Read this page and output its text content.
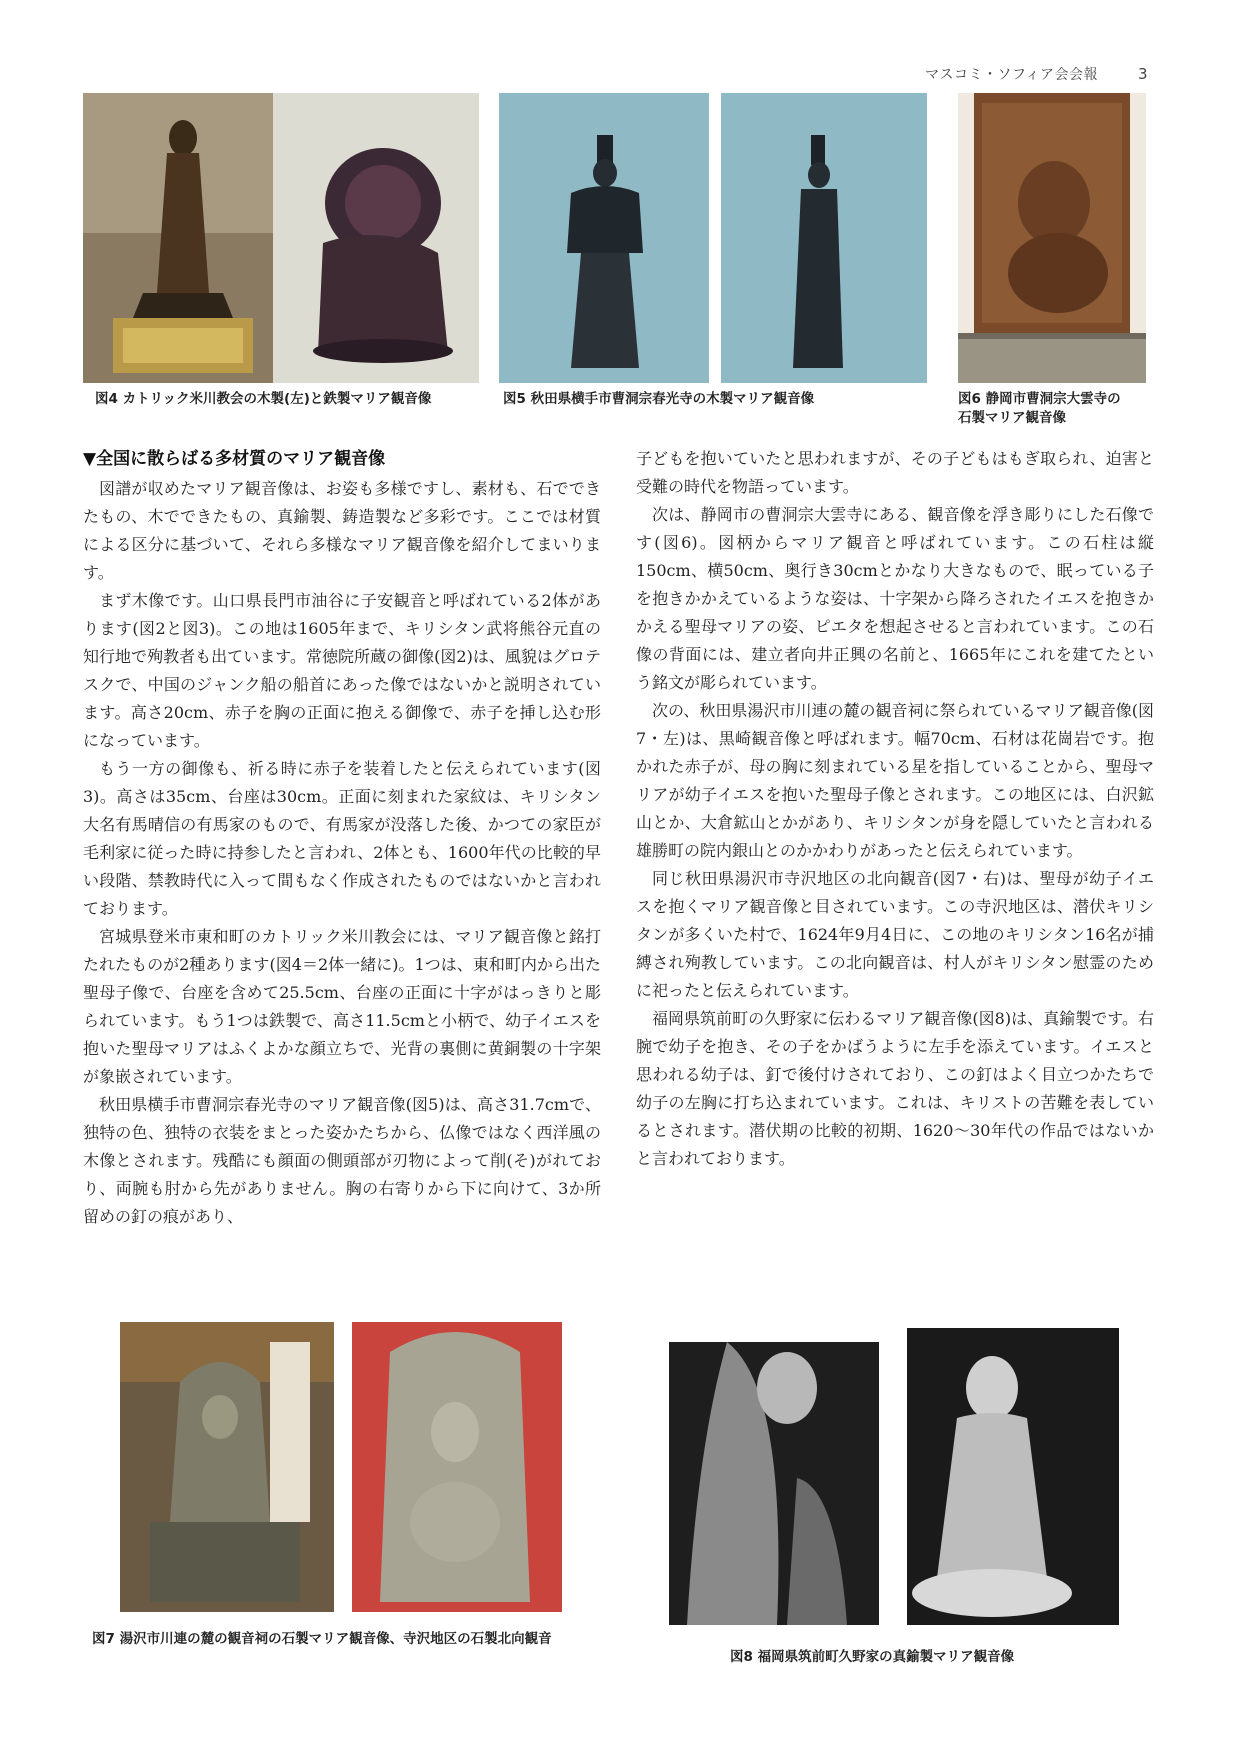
マスコミ・ソフィア会会報	3
図4 カトリック米川教会の木製(左)と鉄製マリア観音像	図5 秋田県横手市曹洞宗春光寺の木製マリア観音像	図6 静岡市曹洞宗大雲寺の
石製マリア観音像
▼全国に散らばる多材質のマリア観音像

図譜が収めたマリア観音像は、お姿も多様ですし、素材も、石でできたもの、木でできたもの、真鍮製、鋳造製など多彩です。ここでは材質による区分に基づいて、それら多様なマリア観音像を紹介してまいります。

まず木像です。山口県長門市油谷に子安観音と呼ばれている2体があります(図2と図3)。この地は1605年まで、キリシタン武将熊谷元直の知行地で殉教者も出ています。常徳院所蔵の御像(図2)は、風貌はグロテスクで、中国のジャンク船の船首にあった像ではないかと説明されています。高さ20cm、赤子を胸の正面に抱える御像で、赤子を挿し込む形になっています。

もう一方の御像も、祈る時に赤子を装着したと伝えられています(図3)。高さは35cm、台座は30cm。正面に刻まれた家紋は、キリシタン大名有馬晴信の有馬家のもので、有馬家が没落した後、かつての家臣が毛利家に従った時に持参したと言われ、2体とも、1600年代の比較的早い段階、禁教時代に入って間もなく作成されたものではないかと言われております。

宮城県登米市東和町のカトリック米川教会には、マリア観音像と銘打たれたものが2種あります(図4＝2体一緒に)。1つは、東和町内から出た聖母子像で、台座を含めて25.5cm、台座の正面に十字がはっきりと彫られています。もう1つは鉄製で、高さ11.5cmと小柄で、幼子イエスを抱いた聖母マリアはふくよかな顔立ちで、光背の裏側に黄銅製の十字架が象嵌されています。

秋田県横手市曹洞宗春光寺のマリア観音像(図5)は、高さ31.7cmで、独特の色、独特の衣装をまとった姿かたちから、仏像ではなく西洋風の木像とされます。残酷にも顔面の側頭部が刃物によって削(そ)がれており、両腕も肘から先がありません。胸の右寄りから下に向けて、3か所留めの釘の痕があり、

子どもを抱いていたと思われますが、その子どもはもぎ取られ、迫害と受難の時代を物語っています。

次は、静岡市の曹洞宗大雲寺にある、観音像を浮き彫りにした石像です(図6)。図柄からマリア観音と呼ばれています。この石柱は縦150cm、横50cm、奥行き30cmとかなり大きなもので、眠っている子を抱きかかえているような姿は、十字架から降ろされたイエスを抱きかかえる聖母マリアの姿、ピエタを想起させると言われています。この石像の背面には、建立者向井正興の名前と、1665年にこれを建てたという銘文が彫られています。

次の、秋田県湯沢市川連の麓の観音祠に祭られているマリア観音像(図7・左)は、黒崎観音像と呼ばれます。幅70cm、石材は花崗岩です。抱かれた赤子が、母の胸に刻まれている星を指していることから、聖母マリアが幼子イエスを抱いた聖母子像とされます。この地区には、白沢鉱山とか、大倉鉱山とかがあり、キリシタンが身を隠していたと言われる雄勝町の院内銀山とのかかわりがあったと伝えられています。

同じ秋田県湯沢市寺沢地区の北向観音(図7・右)は、聖母が幼子イエスを抱くマリア観音像と目されています。この寺沢地区は、潜伏キリシタンが多くいた村で、1624年9月4日に、この地のキリシタン16名が捕縛され殉教しています。この北向観音は、村人がキリシタン慰霊のために祀ったと伝えられています。

福岡県筑前町の久野家に伝わるマリア観音像(図8)は、真鍮製です。右腕で幼子を抱き、その子をかばうように左手を添えています。イエスと思われる幼子は、釘で後付けされており、この釘はよく目立つかたちで幼子の左胸に打ち込まれています。これは、キリストの苦難を表しているとされます。潜伏期の比較的初期、1620〜30年代の作品ではないかと言われております。

図7 湯沢市川連の麓の観音祠の石製マリア観音像、寺沢地区の石製北向観音
図8 福岡県筑前町久野家の真鍮製マリア観音像
